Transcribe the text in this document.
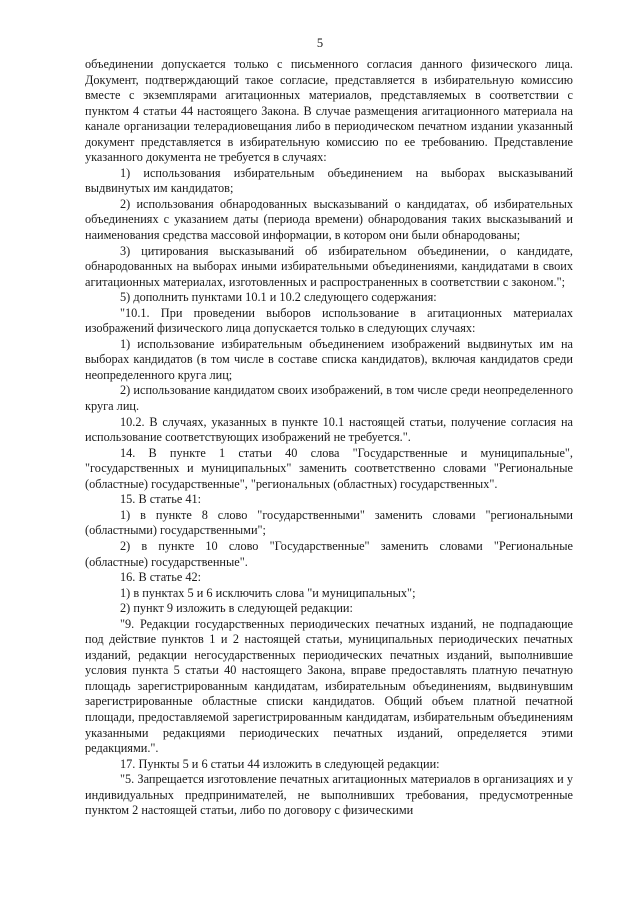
5

объединении допускается только с письменного согласия данного физического лица. Документ, подтверждающий такое согласие, представляется в избирательную комиссию вместе с экземплярами агитационных материалов, представляемых в соответствии с пунктом 4 статьи 44 настоящего Закона. В случае размещения агитационного материала на канале организации телерадиовещания либо в периодическом печатном издании указанный документ представляется в избирательную комиссию по ее требованию. Представление указанного документа не требуется в случаях:

1) использования избирательным объединением на выборах высказываний выдвинутых им кандидатов;

2) использования обнародованных высказываний о кандидатах, об избирательных объединениях с указанием даты (периода времени) обнародования таких высказываний и наименования средства массовой информации, в котором они были обнародованы;

3) цитирования высказываний об избирательном объединении, о кандидате, обнародованных на выборах иными избирательными объединениями, кандидатами в своих агитационных материалах, изготовленных и распространенных в соответствии с законом.";

5) дополнить пунктами 10.1 и 10.2 следующего содержания:

"10.1. При проведении выборов использование в агитационных материалах изображений физического лица допускается только в следующих случаях:

1) использование избирательным объединением изображений выдвинутых им на выборах кандидатов (в том числе в составе списка кандидатов), включая кандидатов среди неопределенного круга лиц;

2) использование кандидатом своих изображений, в том числе среди неопределенного круга лиц.

10.2. В случаях, указанных в пункте 10.1 настоящей статьи, получение согласия на использование соответствующих изображений не требуется.".

14. В пункте 1 статьи 40 слова "Государственные и муниципальные", "государственных и муниципальных" заменить соответственно словами "Региональные (областные) государственные", "региональных (областных) государственных".

15. В статье 41:

1) в пункте 8 слово "государственными" заменить словами "региональными (областными) государственными";

2) в пункте 10 слово "Государственные" заменить словами "Региональные (областные) государственные".

16. В статье 42:

1) в пунктах 5 и 6 исключить слова "и муниципальных";

2) пункт 9 изложить в следующей редакции:

"9. Редакции государственных периодических печатных изданий, не подпадающие под действие пунктов 1 и 2 настоящей статьи, муниципальных периодических печатных изданий, редакции негосударственных периодических печатных изданий, выполнившие условия пункта 5 статьи 40 настоящего Закона, вправе предоставлять платную печатную площадь зарегистрированным кандидатам, избирательным объединениям, выдвинувшим зарегистрированные областные списки кандидатов. Общий объем платной печатной площади, предоставляемой зарегистрированным кандидатам, избирательным объединениям указанными редакциями периодических печатных изданий, определяется этими редакциями.".

17. Пункты 5 и 6 статьи 44 изложить в следующей редакции:

"5. Запрещается изготовление печатных агитационных материалов в организациях и у индивидуальных предпринимателей, не выполнивших требования, предусмотренные пунктом 2 настоящей статьи, либо по договору с физическими
